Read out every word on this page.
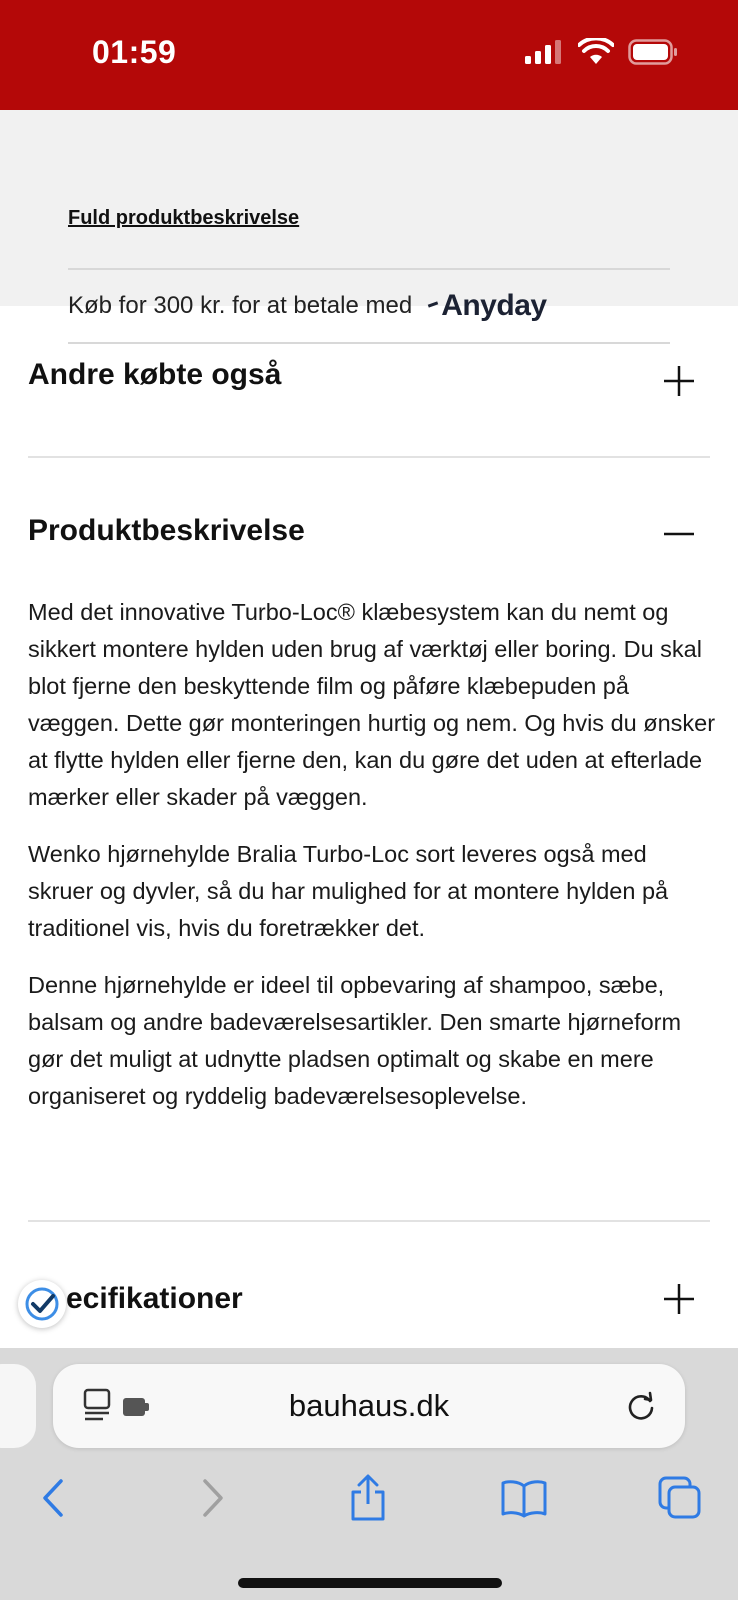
Fuld produktbeskrivelse
Køb for 300 kr. for at betale med Anyday
01:59
Andre købte også
Produktbeskrivelse

Med det innovative Turbo-Loc® klæbesystem kan du nemt og sikkert montere hylden uden brug af værktøj eller boring. Du skal blot fjerne den beskyttende film og påføre klæbepuden på væggen. Dette gør monteringen hurtig og nem. Og hvis du ønsker at flytte hylden eller fjerne den, kan du gøre det uden at efterlade mærker eller skader på væggen.

Wenko hjørnehylde Bralia Turbo-Loc sort leveres også med skruer og dyvler, så du har mulighed for at montere hylden på traditionel vis, hvis du foretrækker det.

Denne hjørnehylde er ideel til opbevaring af shampoo, sæbe, balsam og andre badeværelsesartikler. Den smarte hjørneform gør det muligt at udnytte pladsen optimalt og skabe en mere organiseret og ryddelig badeværelsesoplevelse.

ecifikationer
bauhaus.dk
